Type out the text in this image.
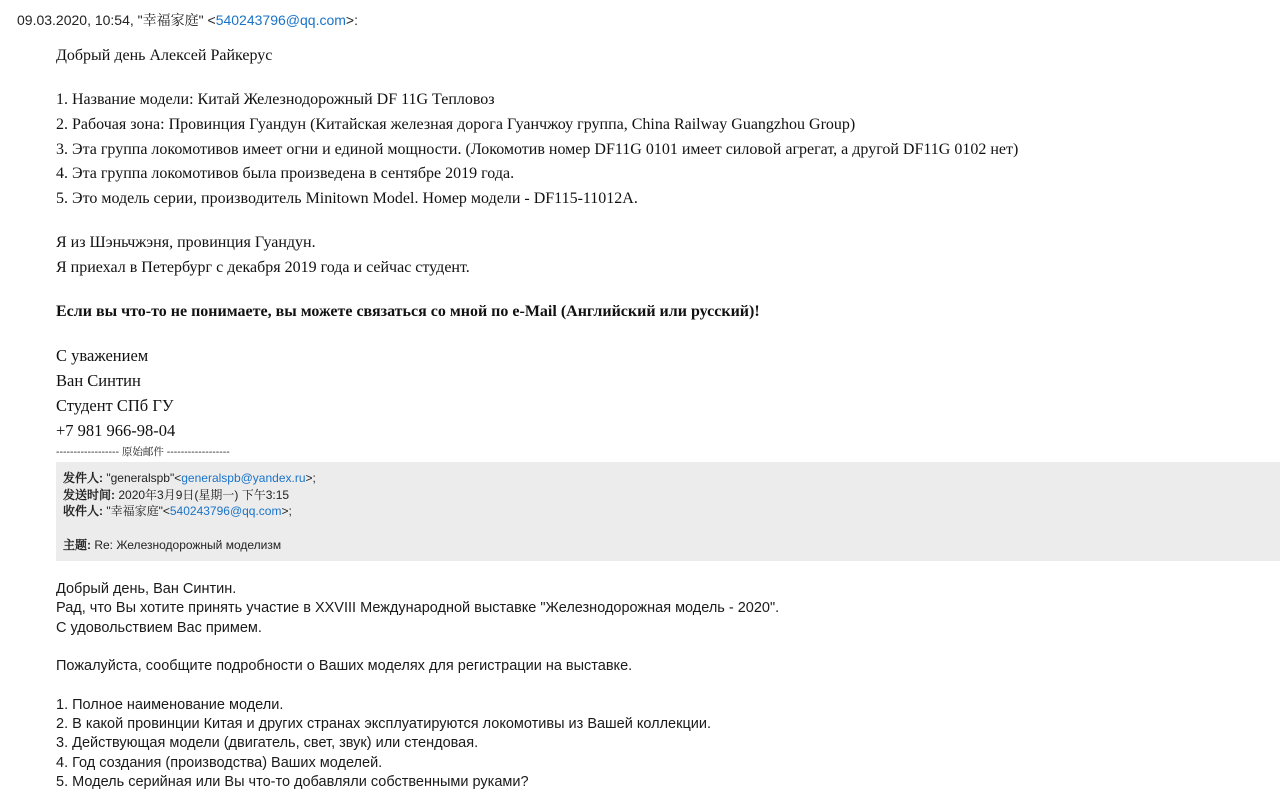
09.03.2020, 10:54, "幸福家庭" <540243796@qq.com>:
Добрый день Алексей Райкерус
1. Название модели: Китай Железнодорожный DF 11G Тепловоз
2. Рабочая зона: Провинция Гуандун (Китайская железная дорога Гуанчжоу группа, China Railway Guangzhou Group)
3. Эта группа локомотивов имеет огни и единой мощности. (Локомотив номер DF11G 0101 имеет силовой агрегат, а другой DF11G 0102 нет)
4. Эта группа локомотивов была произведена в сентябре 2019 года.
5. Это модель серии, производитель Minitown Model. Номер модели - DF115-11012A.
Я из Шэньчжэня, провинция Гуандун.
Я приехал в Петербург с декабря 2019 года и сейчас студент.
Если вы что-то не понимаете, вы можете связаться со мной по e-Mail (Английский или русский)!
С уважением
Ван Синтин
Студент СПб ГУ
+7 981 966-98-04
------------------ 原始邮件 ------------------
发件人: "generalspb"<generalspb@yandex.ru>;
发送时间: 2020年3月9日(星期一) 下午3:15
收件人: "幸福家庭"<540243796@qq.com>;
主题: Re: Железнодорожный моделизм
Добрый день, Ван Синтин.
Рад, что Вы хотите принять участие в XXVIII Международной выставке "Железнодорожная модель - 2020".
С удовольствием Вас примем.
Пожалуйста, сообщите подробности о Ваших моделях для регистрации на выставке.
1. Полное наименование модели.
2. В какой провинции Китая и других странах эксплуатируются локомотивы из Вашей коллекции.
3. Действующая модели (двигатель, свет, звук) или стендовая.
4. Год создания (производства) Ваших моделей.
5. Модель серийная или Вы что-то добавляли собственными руками?
